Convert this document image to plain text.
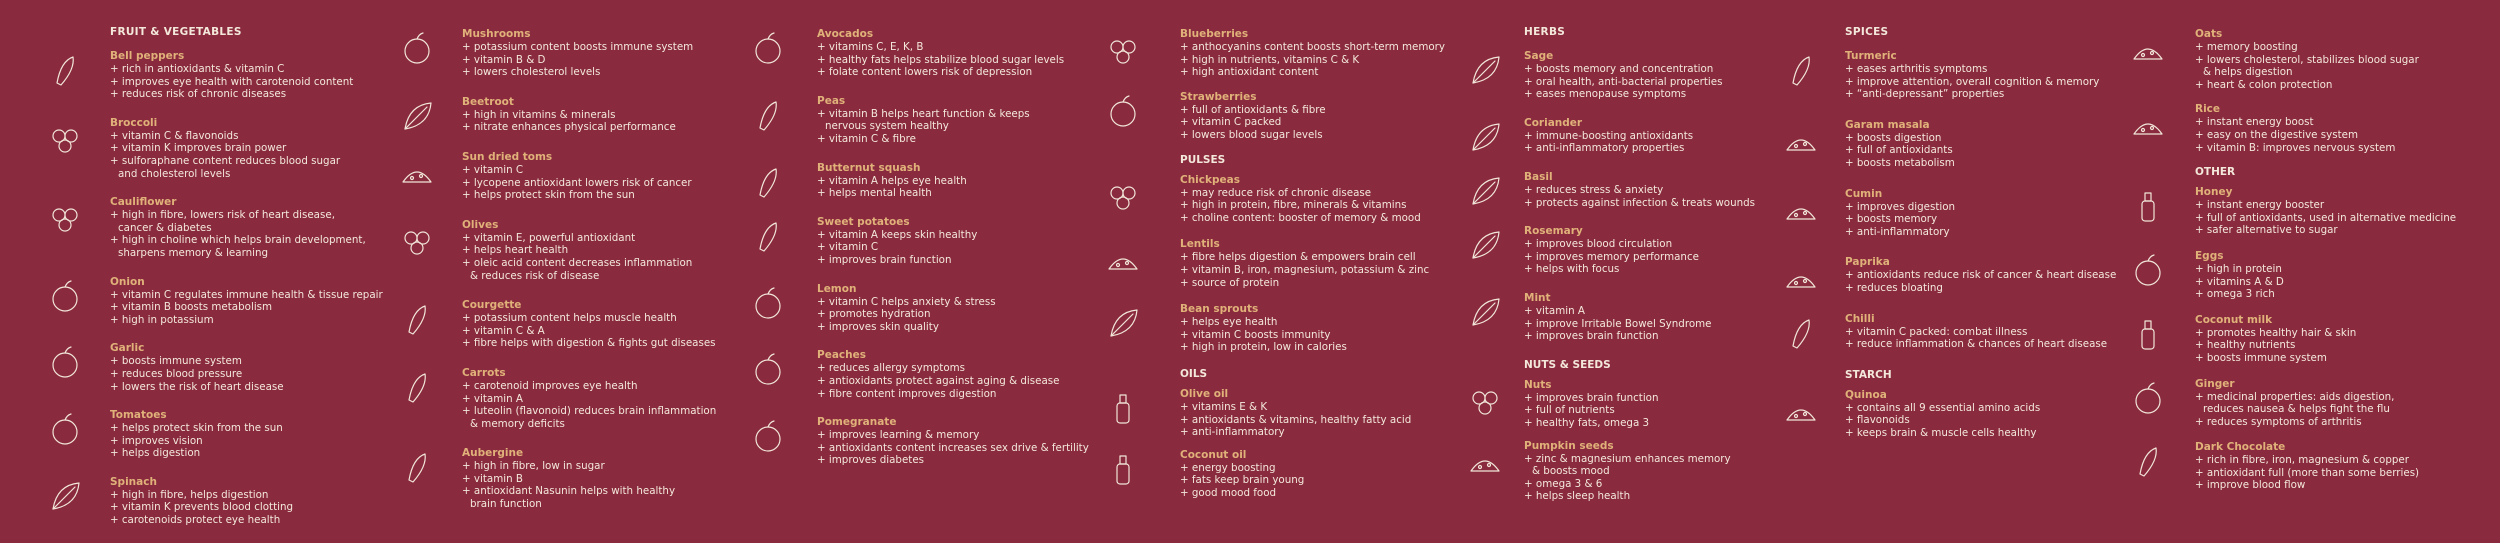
FRUIT & VEGETABLES
Bell peppers
+ rich in antioxidants & vitamin C
+ improves eye health with carotenoid content
+ reduces risk of chronic diseases
Broccoli
+ vitamin C & flavonoids
+ vitamin K improves brain power
+ sulforaphane content reduces blood sugar
and cholesterol levels
Cauliflower
+ high in fibre, lowers risk of heart disease,
cancer & diabetes
+ high in choline which helps brain development,
sharpens memory & learning
Onion
+ vitamin C regulates immune health & tissue repair
+ vitamin B boosts metabolism
+ high in potassium
Garlic
+ boosts immune system
+ reduces blood pressure
+ lowers the risk of heart disease
Tomatoes
+ helps protect skin from the sun
+ improves vision
+ helps digestion
Spinach
+ high in fibre, helps digestion
+ vitamin K prevents blood clotting
+ carotenoids protect eye health
Mushrooms
+ potassium content boosts immune system
+ vitamin B & D
+ lowers cholesterol levels
Beetroot
+ high in vitamins & minerals
+ nitrate enhances physical performance
Sun dried toms
+ vitamin C
+ lycopene antioxidant lowers risk of cancer
+ helps protect skin from the sun
Olives
+ vitamin E, powerful antioxidant
+ helps heart health
+ oleic acid content decreases inflammation
& reduces risk of disease
Courgette
+ potassium content helps muscle health
+ vitamin C & A
+ fibre helps with digestion & fights gut diseases
Carrots
+ carotenoid improves eye health
+ vitamin A
+ luteolin (flavonoid) reduces brain inflammation
& memory deficits
Aubergine
+ high in fibre, low in sugar
+ vitamin B
+ antioxidant Nasunin helps with healthy
brain function
Avocados
+ vitamins C, E, K, B
+ healthy fats helps stabilize blood sugar levels
+ folate content lowers risk of depression
Peas
+ vitamin B helps heart function & keeps
nervous system healthy
+ vitamin C & fibre
Butternut squash
+ vitamin A helps eye health
+ helps mental health
Sweet potatoes
+ vitamin A keeps skin healthy
+ vitamin C
+ improves brain function
Lemon
+ vitamin C helps anxiety & stress
+ promotes hydration
+ improves skin quality
Peaches
+ reduces allergy symptoms
+ antioxidants protect against aging & disease
+ fibre content improves digestion
Pomegranate
+ improves learning & memory
+ antioxidants content increases sex drive & fertility
+ improves diabetes
Blueberries
+ anthocyanins content boosts short-term memory
+ high in nutrients, vitamins C & K
+ high antioxidant content
Strawberries
+ full of antioxidants & fibre
+ vitamin C packed
+ lowers blood sugar levels
PULSES
Chickpeas
+ may reduce risk of chronic disease
+ high in protein, fibre, minerals & vitamins
+ choline content: booster of memory & mood
Lentils
+ fibre helps digestion & empowers brain cell
+ vitamin B, iron, magnesium, potassium & zinc
+ source of protein
Bean sprouts
+ helps eye health
+ vitamin C boosts immunity
+ high in protein, low in calories
OILS
Olive oil
+ vitamins E & K
+ antioxidants & vitamins, healthy fatty acid
+ anti-inflammatory
Coconut oil
+ energy boosting
+ fats keep brain young
+ good mood food
HERBS
Sage
+ boosts memory and concentration
+ oral health, anti-bacterial properties
+ eases menopause symptoms
Coriander
+ immune-boosting antioxidants
+ anti-inflammatory properties
Basil
+ reduces stress & anxiety
+ protects against infection & treats wounds
Rosemary
+ improves blood circulation
+ improves memory performance
+ helps with focus
Mint
+ vitamin A
+ improve Irritable Bowel Syndrome
+ improves brain function
NUTS & SEEDS
Nuts
+ improves brain function
+ full of nutrients
+ healthy fats, omega 3
Pumpkin seeds
+ zinc & magnesium enhances memory
& boosts mood
+ omega 3 & 6
+ helps sleep health
SPICES
Turmeric
+ eases arthritis symptoms
+ improve attention, overall cognition & memory
+ “anti-depressant” properties
Garam masala
+ boosts digestion
+ full of antioxidants
+ boosts metabolism
Cumin
+ improves digestion
+ boosts memory
+ anti-inflammatory
Paprika
+ antioxidants reduce risk of cancer & heart disease
+ reduces bloating
Chilli
+ vitamin C packed: combat illness
+ reduce inflammation & chances of heart disease
STARCH
Quinoa
+ contains all 9 essential amino acids
+ flavonoids
+ keeps brain & muscle cells healthy
Oats
+ memory boosting
+ lowers cholesterol, stabilizes blood sugar
& helps digestion
+ heart & colon protection
Rice
+ instant energy boost
+ easy on the digestive system
+ vitamin B: improves nervous system
OTHER
Honey
+ instant energy booster
+ full of antioxidants, used in alternative medicine
+ safer alternative to sugar
Eggs
+ high in protein
+ vitamins A & D
+ omega 3 rich
Coconut milk
+ promotes healthy hair & skin
+ healthy nutrients
+ boosts immune system
Ginger
+ medicinal properties: aids digestion,
reduces nausea & helps fight the flu
+ reduces symptoms of arthritis
Dark Chocolate
+ rich in fibre, iron, magnesium & copper
+ antioxidant full (more than some berries)
+ improve blood flow
